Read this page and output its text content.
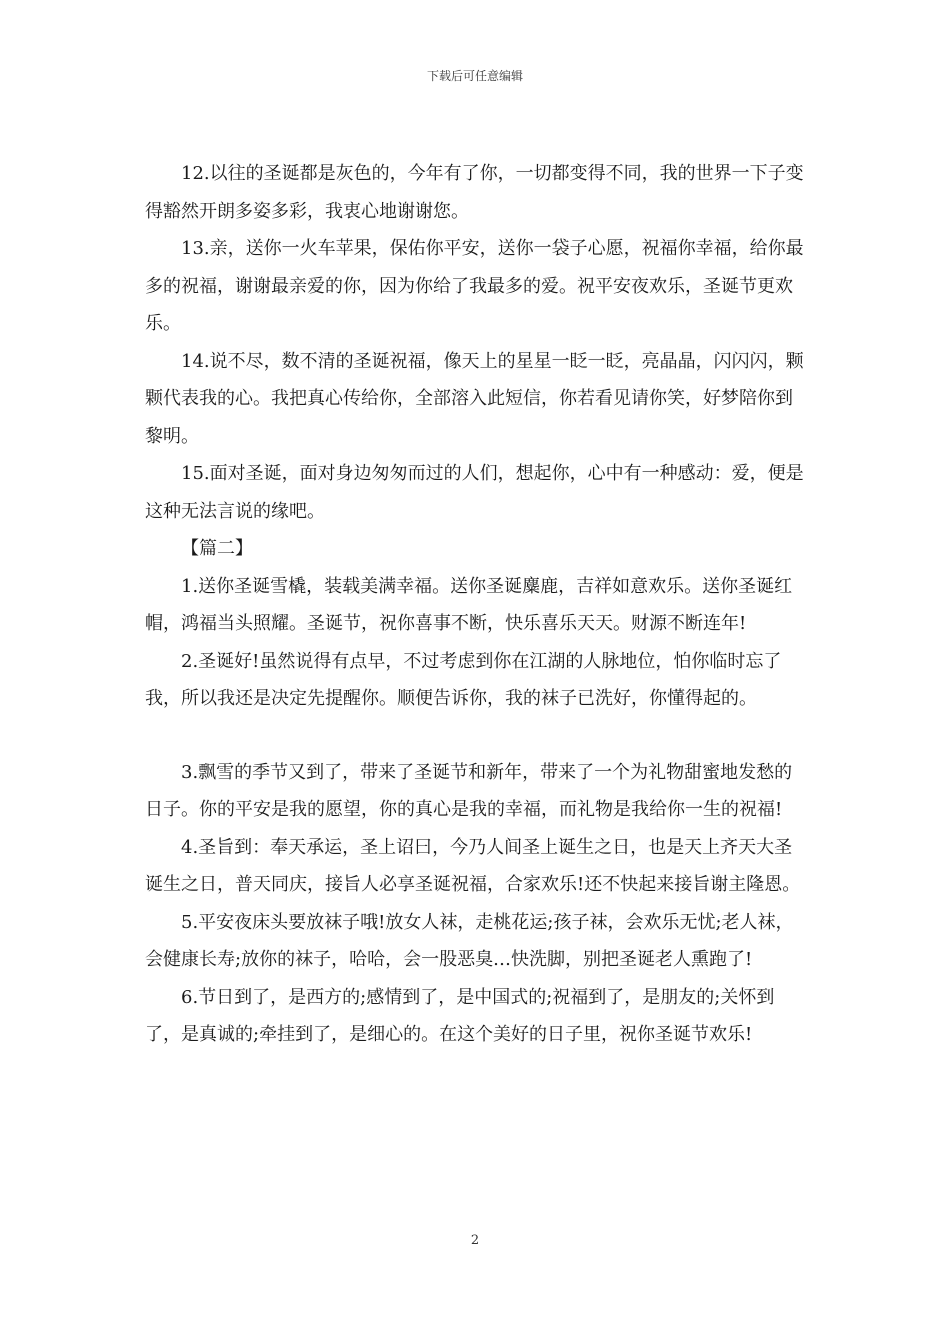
下载后可任意编辑

12.以往的圣诞都是灰色的，今年有了你，一切都变得不同，我的世界一下子变得豁然开朗多姿多彩，我衷心地谢谢您。

13.亲，送你一火车苹果，保佑你平安，送你一袋子心愿，祝福你幸福，给你最多的祝福，谢谢最亲爱的你，因为你给了我最多的爱。祝平安夜欢乐，圣诞节更欢乐。

14.说不尽，数不清的圣诞祝福，像天上的星星一眨一眨，亮晶晶，闪闪闪，颗颗代表我的心。我把真心传给你，全部溶入此短信，你若看见请你笑，好梦陪你到黎明。

15.面对圣诞，面对身边匆匆而过的人们，想起你，心中有一种感动：爱，便是这种无法言说的缘吧。

【篇二】

1.送你圣诞雪橇，装载美满幸福。送你圣诞麋鹿，吉祥如意欢乐。送你圣诞红帽，鸿福当头照耀。圣诞节，祝你喜事不断，快乐喜乐天天。财源不断连年!

2.圣诞好!虽然说得有点早，不过考虑到你在江湖的人脉地位，怕你临时忘了我，所以我还是决定先提醒你。顺便告诉你，我的袜子已洗好，你懂得起的。

3.飘雪的季节又到了，带来了圣诞节和新年，带来了一个为礼物甜蜜地发愁的日子。你的平安是我的愿望，你的真心是我的幸福，而礼物是我给你一生的祝福!

4.圣旨到：奉天承运，圣上诏曰，今乃人间圣上诞生之日，也是天上齐天大圣诞生之日，普天同庆，接旨人必享圣诞祝福，合家欢乐!还不快起来接旨谢主隆恩。

5.平安夜床头要放袜子哦!放女人袜，走桃花运;孩子袜，会欢乐无忧;老人袜，会健康长寿;放你的袜子，哈哈，会一股恶臭…快洗脚，别把圣诞老人熏跑了!

6.节日到了，是西方的;感情到了，是中国式的;祝福到了，是朋友的;关怀到了，是真诚的;牵挂到了，是细心的。在这个美好的日子里，祝你圣诞节欢乐!

2
